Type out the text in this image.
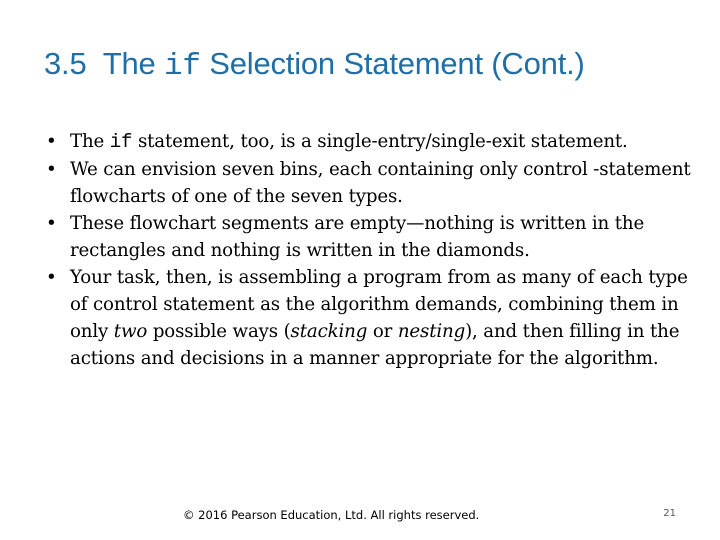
3.5 The if Selection Statement (Cont.)
• The if statement, too, is a single-entry/single-exit statement.
• We can envision seven bins, each containing only control -statement flowcharts of one of the seven types.
• These flowchart segments are empty—nothing is written in the rectangles and nothing is written in the diamonds.
• Your task, then, is assembling a program from as many of each type of control statement as the algorithm demands, combining them in only two possible ways (stacking or nesting), and then filling in the actions and decisions in a manner appropriate for the algorithm.
© 2016 Pearson Education, Ltd. All rights reserved.	21
